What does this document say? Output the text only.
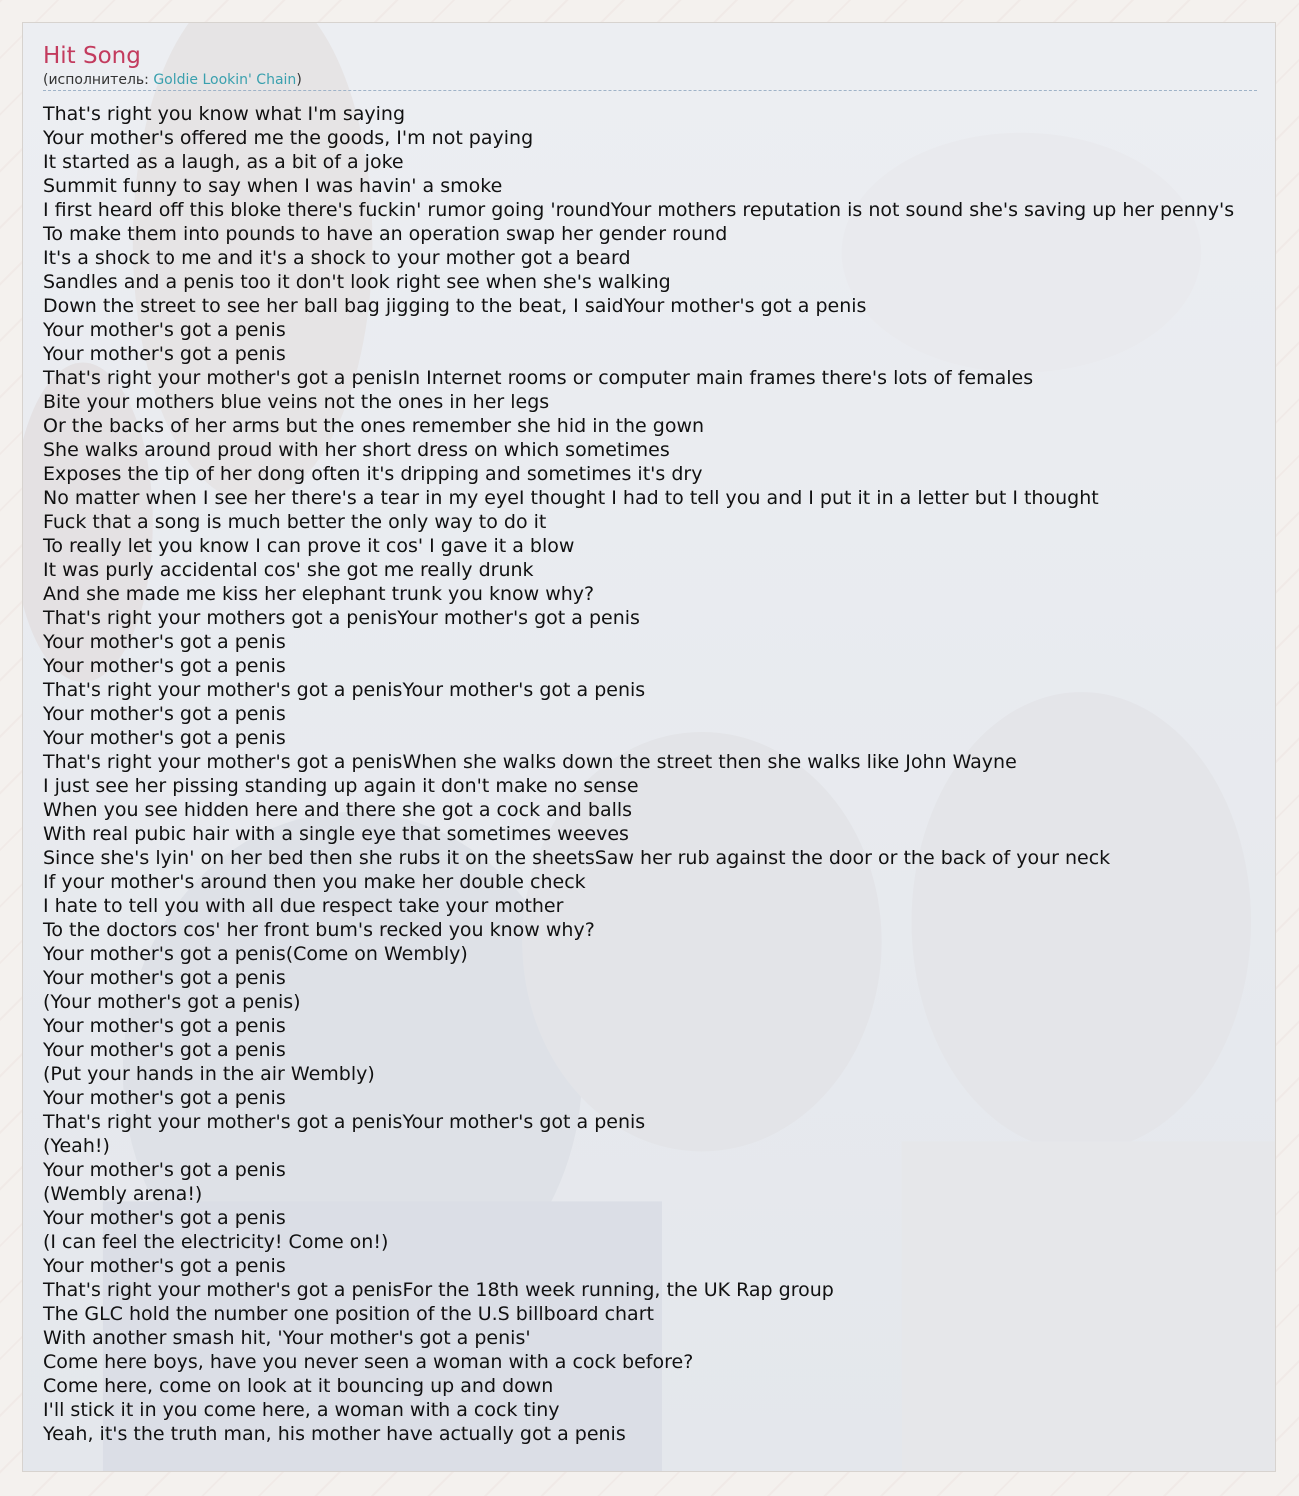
Hit Song

(исполнитель: Goldie Lookin' Chain)

That's right you know what I'm saying
Your mother's offered me the goods, I'm not paying
It started as a laugh, as a bit of a joke
Summit funny to say when I was havin' a smoke
I first heard off this bloke there's fuckin' rumor going 'roundYour mothers reputation is not sound she's saving up her penny's
To make them into pounds to have an operation swap her gender round
It's a shock to me and it's a shock to your mother got a beard
Sandles and a penis too it don't look right see when she's walking
Down the street to see her ball bag jigging to the beat, I saidYour mother's got a penis
Your mother's got a penis
Your mother's got a penis
That's right your mother's got a penisIn Internet rooms or computer main frames there's lots of females
Bite your mothers blue veins not the ones in her legs
Or the backs of her arms but the ones remember she hid in the gown
She walks around proud with her short dress on which sometimes
Exposes the tip of her dong often it's dripping and sometimes it's dry
No matter when I see her there's a tear in my eyeI thought I had to tell you and I put it in a letter but I thought
Fuck that a song is much better the only way to do it
To really let you know I can prove it cos' I gave it a blow
It was purly accidental cos' she got me really drunk
And she made me kiss her elephant trunk you know why?
That's right your mothers got a penisYour mother's got a penis
Your mother's got a penis
Your mother's got a penis
That's right your mother's got a penisYour mother's got a penis
Your mother's got a penis
Your mother's got a penis
That's right your mother's got a penisWhen she walks down the street then she walks like John Wayne
I just see her pissing standing up again it don't make no sense
When you see hidden here and there she got a cock and balls
With real pubic hair with a single eye that sometimes weeves
Since she's lyin' on her bed then she rubs it on the sheetsSaw her rub against the door or the back of your neck
If your mother's around then you make her double check
I hate to tell you with all due respect take your mother
To the doctors cos' her front bum's recked you know why?
Your mother's got a penis(Come on Wembly)
Your mother's got a penis
(Your mother's got a penis)
Your mother's got a penis
Your mother's got a penis
(Put your hands in the air Wembly)
Your mother's got a penis
That's right your mother's got a penisYour mother's got a penis
(Yeah!)
Your mother's got a penis
(Wembly arena!)
Your mother's got a penis
(I can feel the electricity! Come on!)
Your mother's got a penis
That's right your mother's got a penisFor the 18th week running, the UK Rap group
The GLC hold the number one position of the U.S billboard chart
With another smash hit, 'Your mother's got a penis'
Come here boys, have you never seen a woman with a cock before?
Come here, come on look at it bouncing up and down
I'll stick it in you come here, a woman with a cock tiny
Yeah, it's the truth man, his mother have actually got a penis
